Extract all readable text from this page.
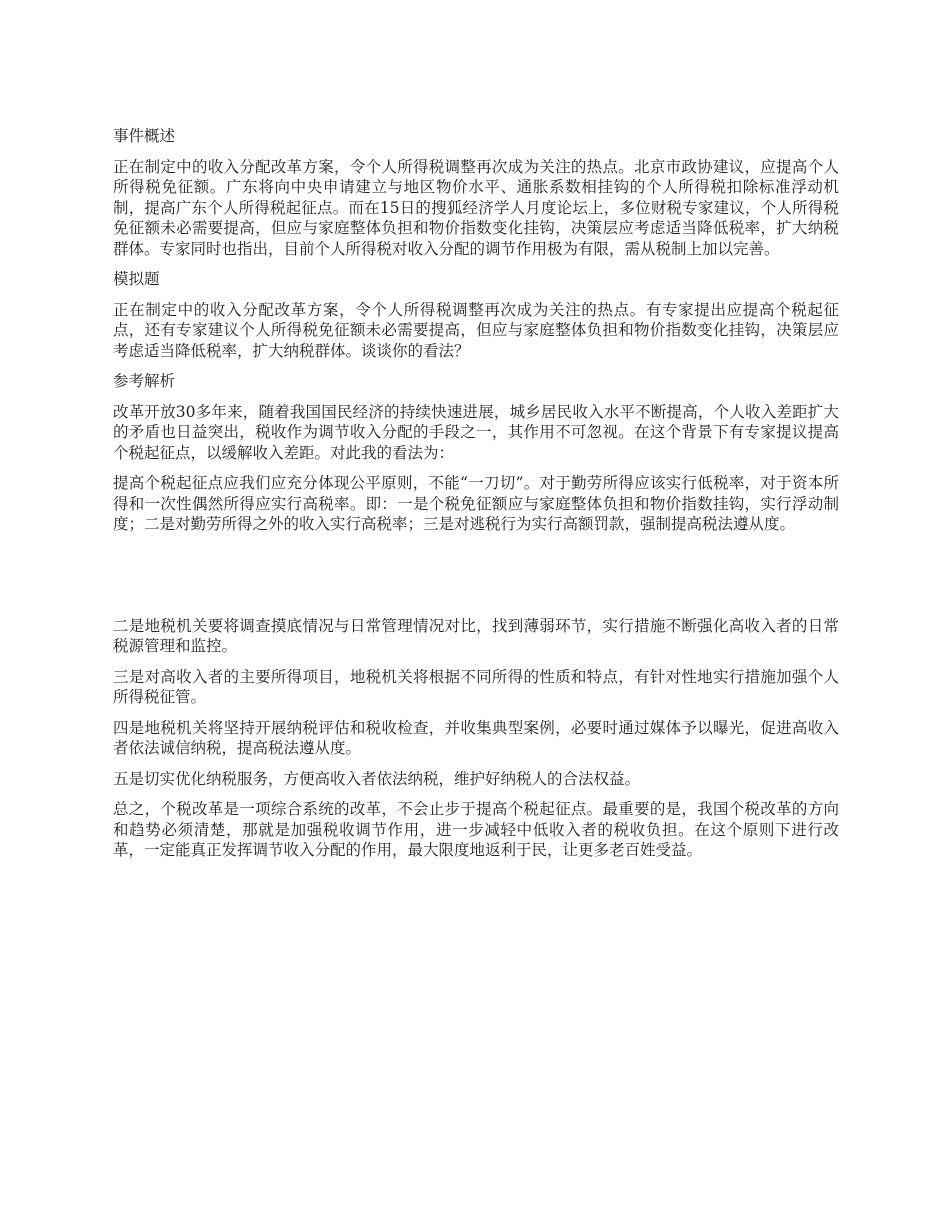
事件概述

正在制定中的收入分配改革方案，令个人所得税调整再次成为关注的热点。北京市政协建议，应提高个人所得税免征额。广东将向中央申请建立与地区物价水平、通胀系数相挂钩的个人所得税扣除标准浮动机制，提高广东个人所得税起征点。而在15日的搜狐经济学人月度论坛上，多位财税专家建议，个人所得税免征额未必需要提高，但应与家庭整体负担和物价指数变化挂钩，决策层应考虑适当降低税率，扩大纳税群体。专家同时也指出，目前个人所得税对收入分配的调节作用极为有限，需从税制上加以完善。

模拟题

正在制定中的收入分配改革方案，令个人所得税调整再次成为关注的热点。有专家提出应提高个税起征点，还有专家建议个人所得税免征额未必需要提高，但应与家庭整体负担和物价指数变化挂钩，决策层应考虑适当降低税率，扩大纳税群体。谈谈你的看法？

参考解析

改革开放30多年来，随着我国国民经济的持续快速进展，城乡居民收入水平不断提高，个人收入差距扩大的矛盾也日益突出，税收作为调节收入分配的手段之一，其作用不可忽视。在这个背景下有专家提议提高个税起征点，以缓解收入差距。对此我的看法为：

提高个税起征点应我们应充分体现公平原则，不能“一刀切”。对于勤劳所得应该实行低税率，对于资本所得和一次性偶然所得应实行高税率。即：一是个税免征额应与家庭整体负担和物价指数挂钩，实行浮动制度；二是对勤劳所得之外的收入实行高税率；三是对逃税行为实行高额罚款，强制提高税法遵从度。

二是地税机关要将调查摸底情况与日常管理情况对比，找到薄弱环节，实行措施不断强化高收入者的日常税源管理和监控。

三是对高收入者的主要所得项目，地税机关将根据不同所得的性质和特点，有针对性地实行措施加强个人所得税征管。

四是地税机关将坚持开展纳税评估和税收检查，并收集典型案例，必要时通过媒体予以曝光，促进高收入者依法诚信纳税，提高税法遵从度。

五是切实优化纳税服务，方便高收入者依法纳税，维护好纳税人的合法权益。

总之，个税改革是一项综合系统的改革，不会止步于提高个税起征点。最重要的是，我国个税改革的方向和趋势必须清楚，那就是加强税收调节作用，进一步减轻中低收入者的税收负担。在这个原则下进行改革，一定能真正发挥调节收入分配的作用，最大限度地返利于民，让更多老百姓受益。
